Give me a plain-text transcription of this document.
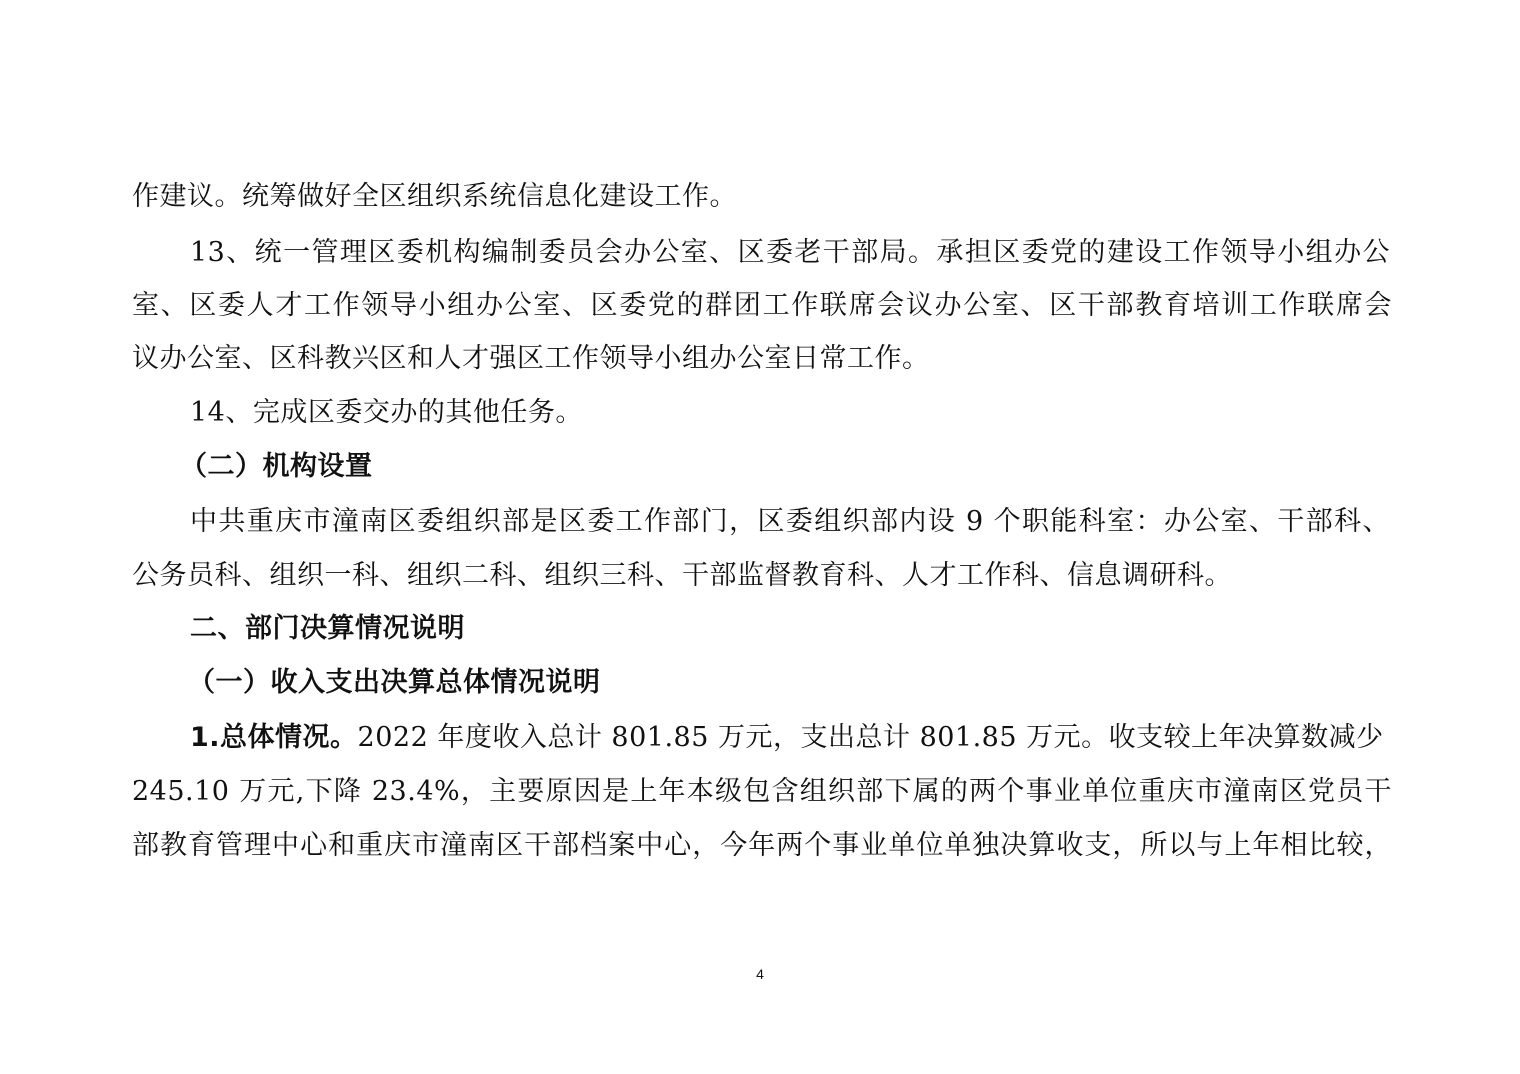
作建议。统筹做好全区组织系统信息化建设工作。
13、统一管理区委机构编制委员会办公室、区委老干部局。承担区委党的建设工作领导小组办公
室、区委人才工作领导小组办公室、区委党的群团工作联席会议办公室、区干部教育培训工作联席会
议办公室、区科教兴区和人才强区工作领导小组办公室日常工作。
14、完成区委交办的其他任务。
（二）机构设置
中共重庆市潼南区委组织部是区委工作部门，区委组织部内设 9 个职能科室：办公室、干部科、
公务员科、组织一科、组织二科、组织三科、干部监督教育科、人才工作科、信息调研科。
二、部门决算情况说明
（一）收入支出决算总体情况说明
1.总体情况。2022 年度收入总计 801.85 万元，支出总计 801.85 万元。收支较上年决算数减少
245.10 万元,下降 23.4%，主要原因是上年本级包含组织部下属的两个事业单位重庆市潼南区党员干
部教育管理中心和重庆市潼南区干部档案中心，今年两个事业单位单独决算收支，所以与上年相比较，
4
